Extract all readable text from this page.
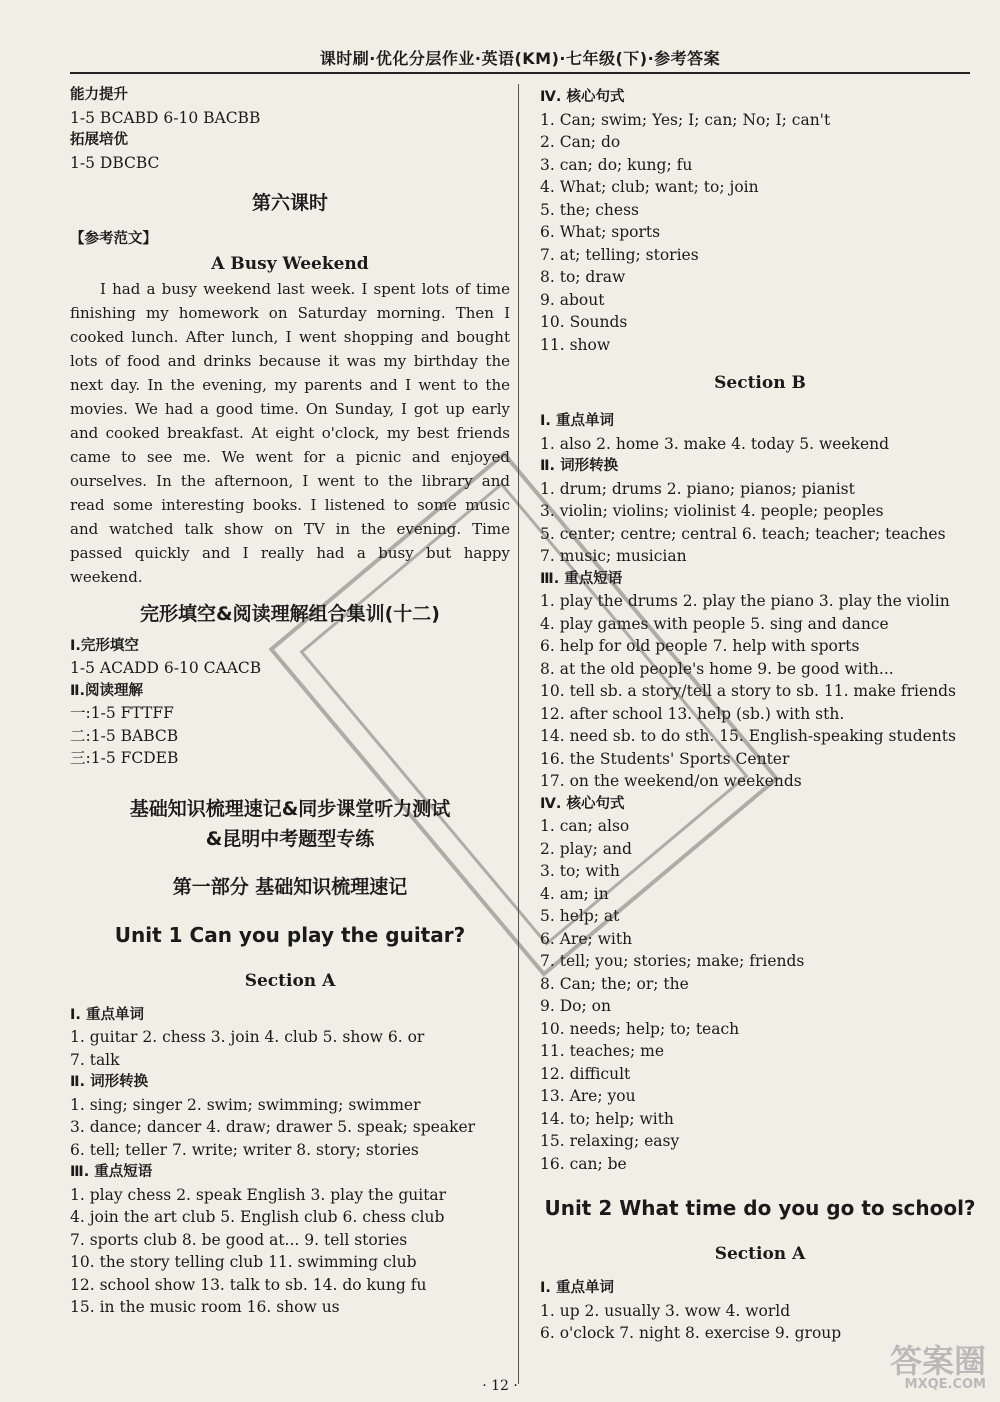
课时刷·优化分层作业·英语(KM)·七年级(下)·参考答案
能力提升
1-5 BCABD 6-10 BACBB
拓展培优
1-5 DBCBC
第六课时
【参考范文】
A Busy Weekend
I had a busy weekend last week. I spent lots of time finishing my homework on Saturday morning. Then I cooked lunch. After lunch, I went shopping and bought lots of food and drinks because it was my birthday the next day. In the evening, my parents and I went to the movies. We had a good time. On Sunday, I got up early and cooked breakfast. At eight o'clock, my best friends came to see me. We went for a picnic and enjoyed ourselves. In the afternoon, I went to the library and read some interesting books. I listened to some music and watched talk show on TV in the evening. Time passed quickly and I really had a busy but happy weekend.
完形填空&阅读理解组合集训(十二)
Ⅰ.完形填空
1-5 ACADD 6-10 CAACB
Ⅱ.阅读理解
一:1-5 FTTFF
二:1-5 BABCB
三:1-5 FCDEB
基础知识梳理速记&同步课堂听力测试
&昆明中考题型专练
第一部分 基础知识梳理速记
Unit 1 Can you play the guitar?
Section A
Ⅰ. 重点单词
1. guitar 2. chess 3. join 4. club 5. show 6. or
7. talk
Ⅱ. 词形转换
1. sing; singer 2. swim; swimming; swimmer
3. dance; dancer 4. draw; drawer 5. speak; speaker
6. tell; teller 7. write; writer 8. story; stories
Ⅲ. 重点短语
1. play chess 2. speak English 3. play the guitar
4. join the art club 5. English club 6. chess club
7. sports club 8. be good at... 9. tell stories
10. the story telling club 11. swimming club
12. school show 13. talk to sb. 14. do kung fu
15. in the music room 16. show us
Ⅳ. 核心句式
1. Can; swim; Yes; I; can; No; I; can't
2. Can; do
3. can; do; kung; fu
4. What; club; want; to; join
5. the; chess
6. What; sports
7. at; telling; stories
8. to; draw
9. about
10. Sounds
11. show
Section B
Ⅰ. 重点单词
1. also 2. home 3. make 4. today 5. weekend
Ⅱ. 词形转换
1. drum; drums 2. piano; pianos; pianist
3. violin; violins; violinist 4. people; peoples
5. center; centre; central 6. teach; teacher; teaches
7. music; musician
Ⅲ. 重点短语
1. play the drums 2. play the piano 3. play the violin
4. play games with people 5. sing and dance
6. help for old people 7. help with sports
8. at the old people's home 9. be good with...
10. tell sb. a story/tell a story to sb. 11. make friends
12. after school 13. help (sb.) with sth.
14. need sb. to do sth. 15. English-speaking students
16. the Students' Sports Center
17. on the weekend/on weekends
Ⅳ. 核心句式
1. can; also
2. play; and
3. to; with
4. am; in
5. help; at
6. Are; with
7. tell; you; stories; make; friends
8. Can; the; or; the
9. Do; on
10. needs; help; to; teach
11. teaches; me
12. difficult
13. Are; you
14. to; help; with
15. relaxing; easy
16. can; be
Unit 2 What time do you go to school?
Section A
Ⅰ. 重点单词
1. up 2. usually 3. wow 4. world
6. o'clock 7. night 8. exercise 9. group
· 12 ·
答案圈
MXQE.COM
